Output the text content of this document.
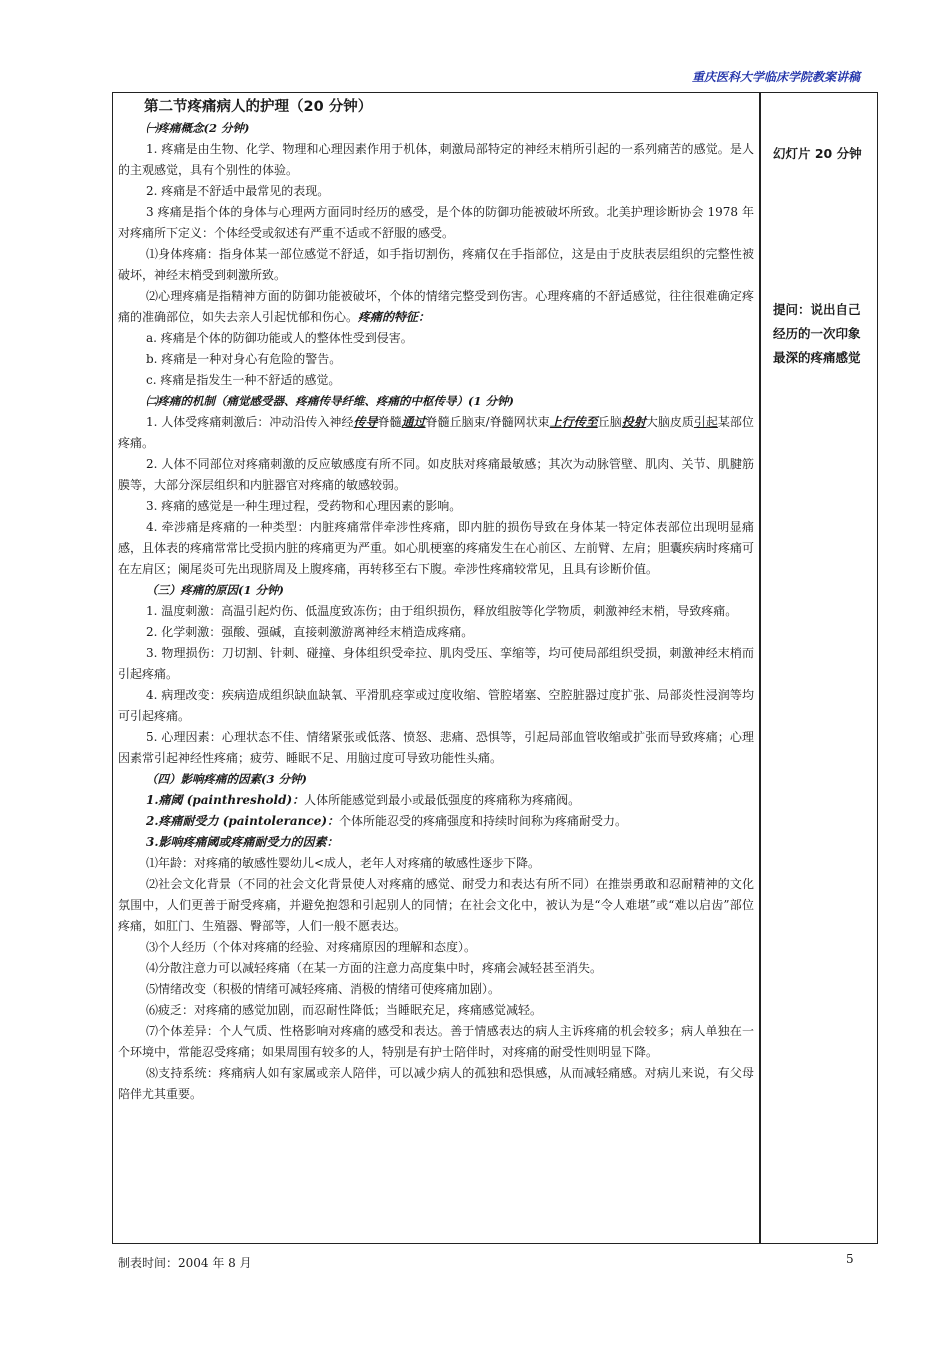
重庆医科大学临床学院教案讲稿

第二节疼痛病人的护理（20 分钟）

㈠疼痛概念(2 分钟)

1. 疼痛是由生物、化学、物理和心理因素作用于机体，刺激局部特定的神经末梢所引起的一系列痛苦的感觉。是人的主观感觉，具有个别性的体验。

2. 疼痛是不舒适中最常见的表现。

3 疼痛是指个体的身体与心理两方面同时经历的感受，是个体的防御功能被破坏所致。北美护理诊断协会 1978 年对疼痛所下定义：个体经受或叙述有严重不适或不舒服的感受。

⑴身体疼痛：指身体某一部位感觉不舒适，如手指切割伤，疼痛仅在手指部位，这是由于皮肤表层组织的完整性被破坏，神经末梢受到刺激所致。

⑵心理疼痛是指精神方面的防御功能被破坏，个体的情绪完整受到伤害。心理疼痛的不舒适感觉，往往很难确定疼痛的准确部位，如失去亲人引起忧郁和伤心。疼痛的特征：

a. 疼痛是个体的防御功能或人的整体性受到侵害。

b. 疼痛是一种对身心有危险的警告。

c. 疼痛是指发生一种不舒适的感觉。

㈡疼痛的机制（痛觉感受器、疼痛传导纤维、疼痛的中枢传导）(1 分钟)

1. 人体受疼痛刺激后：冲动沿传入神经传导脊髓通过脊髓丘脑束/脊髓网状束上行传至丘脑投射大脑皮质引起某部位疼痛。

2. 人体不同部位对疼痛刺激的反应敏感度有所不同。如皮肤对疼痛最敏感；其次为动脉管壁、肌肉、关节、肌腱筋膜等，大部分深层组织和内脏器官对疼痛的敏感较弱。

3. 疼痛的感觉是一种生理过程，受药物和心理因素的影响。

4. 牵涉痛是疼痛的一种类型：内脏疼痛常伴牵涉性疼痛，即内脏的损伤导致在身体某一特定体表部位出现明显痛感，且体表的疼痛常常比受损内脏的疼痛更为严重。如心肌梗塞的疼痛发生在心前区、左前臂、左肩；胆囊疾病时疼痛可在左肩区；阑尾炎可先出现脐周及上腹疼痛，再转移至右下腹。牵涉性疼痛较常见，且具有诊断价值。

（三）疼痛的原因(1 分钟)

1. 温度刺激：高温引起灼伤、低温度致冻伤；由于组织损伤，释放组胺等化学物质，刺激神经末梢，导致疼痛。

2. 化学刺激：强酸、强碱，直接刺激游离神经末梢造成疼痛。

3. 物理损伤：刀切割、针刺、碰撞、身体组织受牵拉、肌肉受压、挛缩等，均可使局部组织受损，刺激神经末梢而引起疼痛。

4. 病理改变：疾病造成组织缺血缺氧、平滑肌痉挛或过度收缩、管腔堵塞、空腔脏器过度扩张、局部炎性浸润等均可引起疼痛。

5. 心理因素：心理状态不佳、情绪紧张或低落、愤怒、悲痛、恐惧等，引起局部血管收缩或扩张而导致疼痛；心理因素常引起神经性疼痛；疲劳、睡眠不足、用脑过度可导致功能性头痛。

（四）影响疼痛的因素(3 分钟)

1.痛阈 (painthreshold)：人体所能感觉到最小或最低强度的疼痛称为疼痛阀。

2.疼痛耐受力 (paintolerance)：个体所能忍受的疼痛强度和持续时间称为疼痛耐受力。

3.影响疼痛阈或疼痛耐受力的因素：

⑴年龄：对疼痛的敏感性婴幼儿<成人，老年人对疼痛的敏感性逐步下降。

⑵社会文化背景（不同的社会文化背景使人对疼痛的感觉、耐受力和表达有所不同）在推崇勇敢和忍耐精神的文化氛围中，人们更善于耐受疼痛，并避免抱怨和引起别人的同情；在社会文化中，被认为是“令人难堪”或“难以启齿”部位疼痛，如肛门、生殖器、臀部等，人们一般不愿表达。

⑶个人经历（个体对疼痛的经验、对疼痛原因的理解和态度）。

⑷分散注意力可以减轻疼痛（在某一方面的注意力高度集中时，疼痛会减轻甚至消失。

⑸情绪改变（积极的情绪可减轻疼痛、消极的情绪可使疼痛加剧）。

⑹疲乏：对疼痛的感觉加剧，而忍耐性降低；当睡眠充足，疼痛感觉减轻。

⑺个体差异：个人气质、性格影响对疼痛的感受和表达。善于情感表达的病人主诉疼痛的机会较多；病人单独在一个环境中，常能忍受疼痛；如果周围有较多的人，特别是有护士陪伴时，对疼痛的耐受性则明显下降。

⑻支持系统：疼痛病人如有家属或亲人陪伴，可以减少病人的孤独和恐惧感，从而减轻痛感。对病儿来说，有父母陪伴尤其重要。

幻灯片 20 分钟
提问：说出自己经历的一次印象最深的疼痛感觉
制表时间：2004 年 8 月	5
